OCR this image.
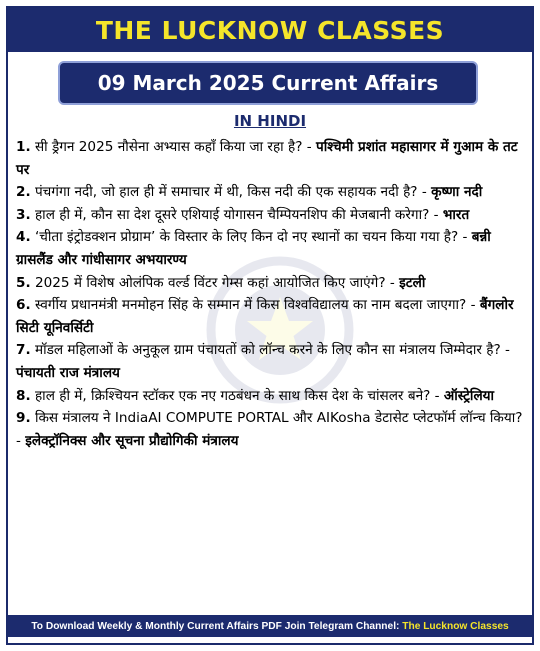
THE LUCKNOW CLASSES
09 March 2025 Current Affairs
IN HINDI

1. सी ड्रैगन 2025 नौसेना अभ्यास कहाँ किया जा रहा है? - पश्चिमी प्रशांत महासागर में गुआम के तट पर

2. पंचगंगा नदी, जो हाल ही में समाचार में थी, किस नदी की एक सहायक नदी है? - कृष्णा नदी

3. हाल ही में, कौन सा देश दूसरे एशियाई योगासन चैम्पियनशिप की मेजबानी करेगा? - भारत

4. ‘चीता इंट्रोडक्शन प्रोग्राम’ के विस्तार के लिए किन दो नए स्थानों का चयन किया गया है? - बन्नी ग्रासलैंड और गांधीसागर अभयारण्य

5. 2025 में विशेष ओलंपिक वर्ल्ड विंटर गेम्स कहां आयोजित किए जाएंगे? - इटली

6. स्वर्गीय प्रधानमंत्री मनमोहन सिंह के सम्मान में किस विश्वविद्यालय का नाम बदला जाएगा? - बैंगलोर सिटी यूनिवर्सिटी

7. मॉडल महिलाओं के अनुकूल ग्राम पंचायतों को लॉन्च करने के लिए कौन सा मंत्रालय जिम्मेदार है? - पंचायती राज मंत्रालय

8. हाल ही में, क्रिश्चियन स्टॉकर एक नए गठबंधन के साथ किस देश के चांसलर बने? - ऑस्ट्रेलिया

9. किस मंत्रालय ने IndiaAI COMPUTE PORTAL और AIKosha डेटासेट प्लेटफॉर्म लॉन्च किया? - इलेक्ट्रॉनिक्स और सूचना प्रौद्योगिकी मंत्रालय

To Download Weekly & Monthly Current Affairs PDF Join Telegram Channel: The Lucknow Classes
